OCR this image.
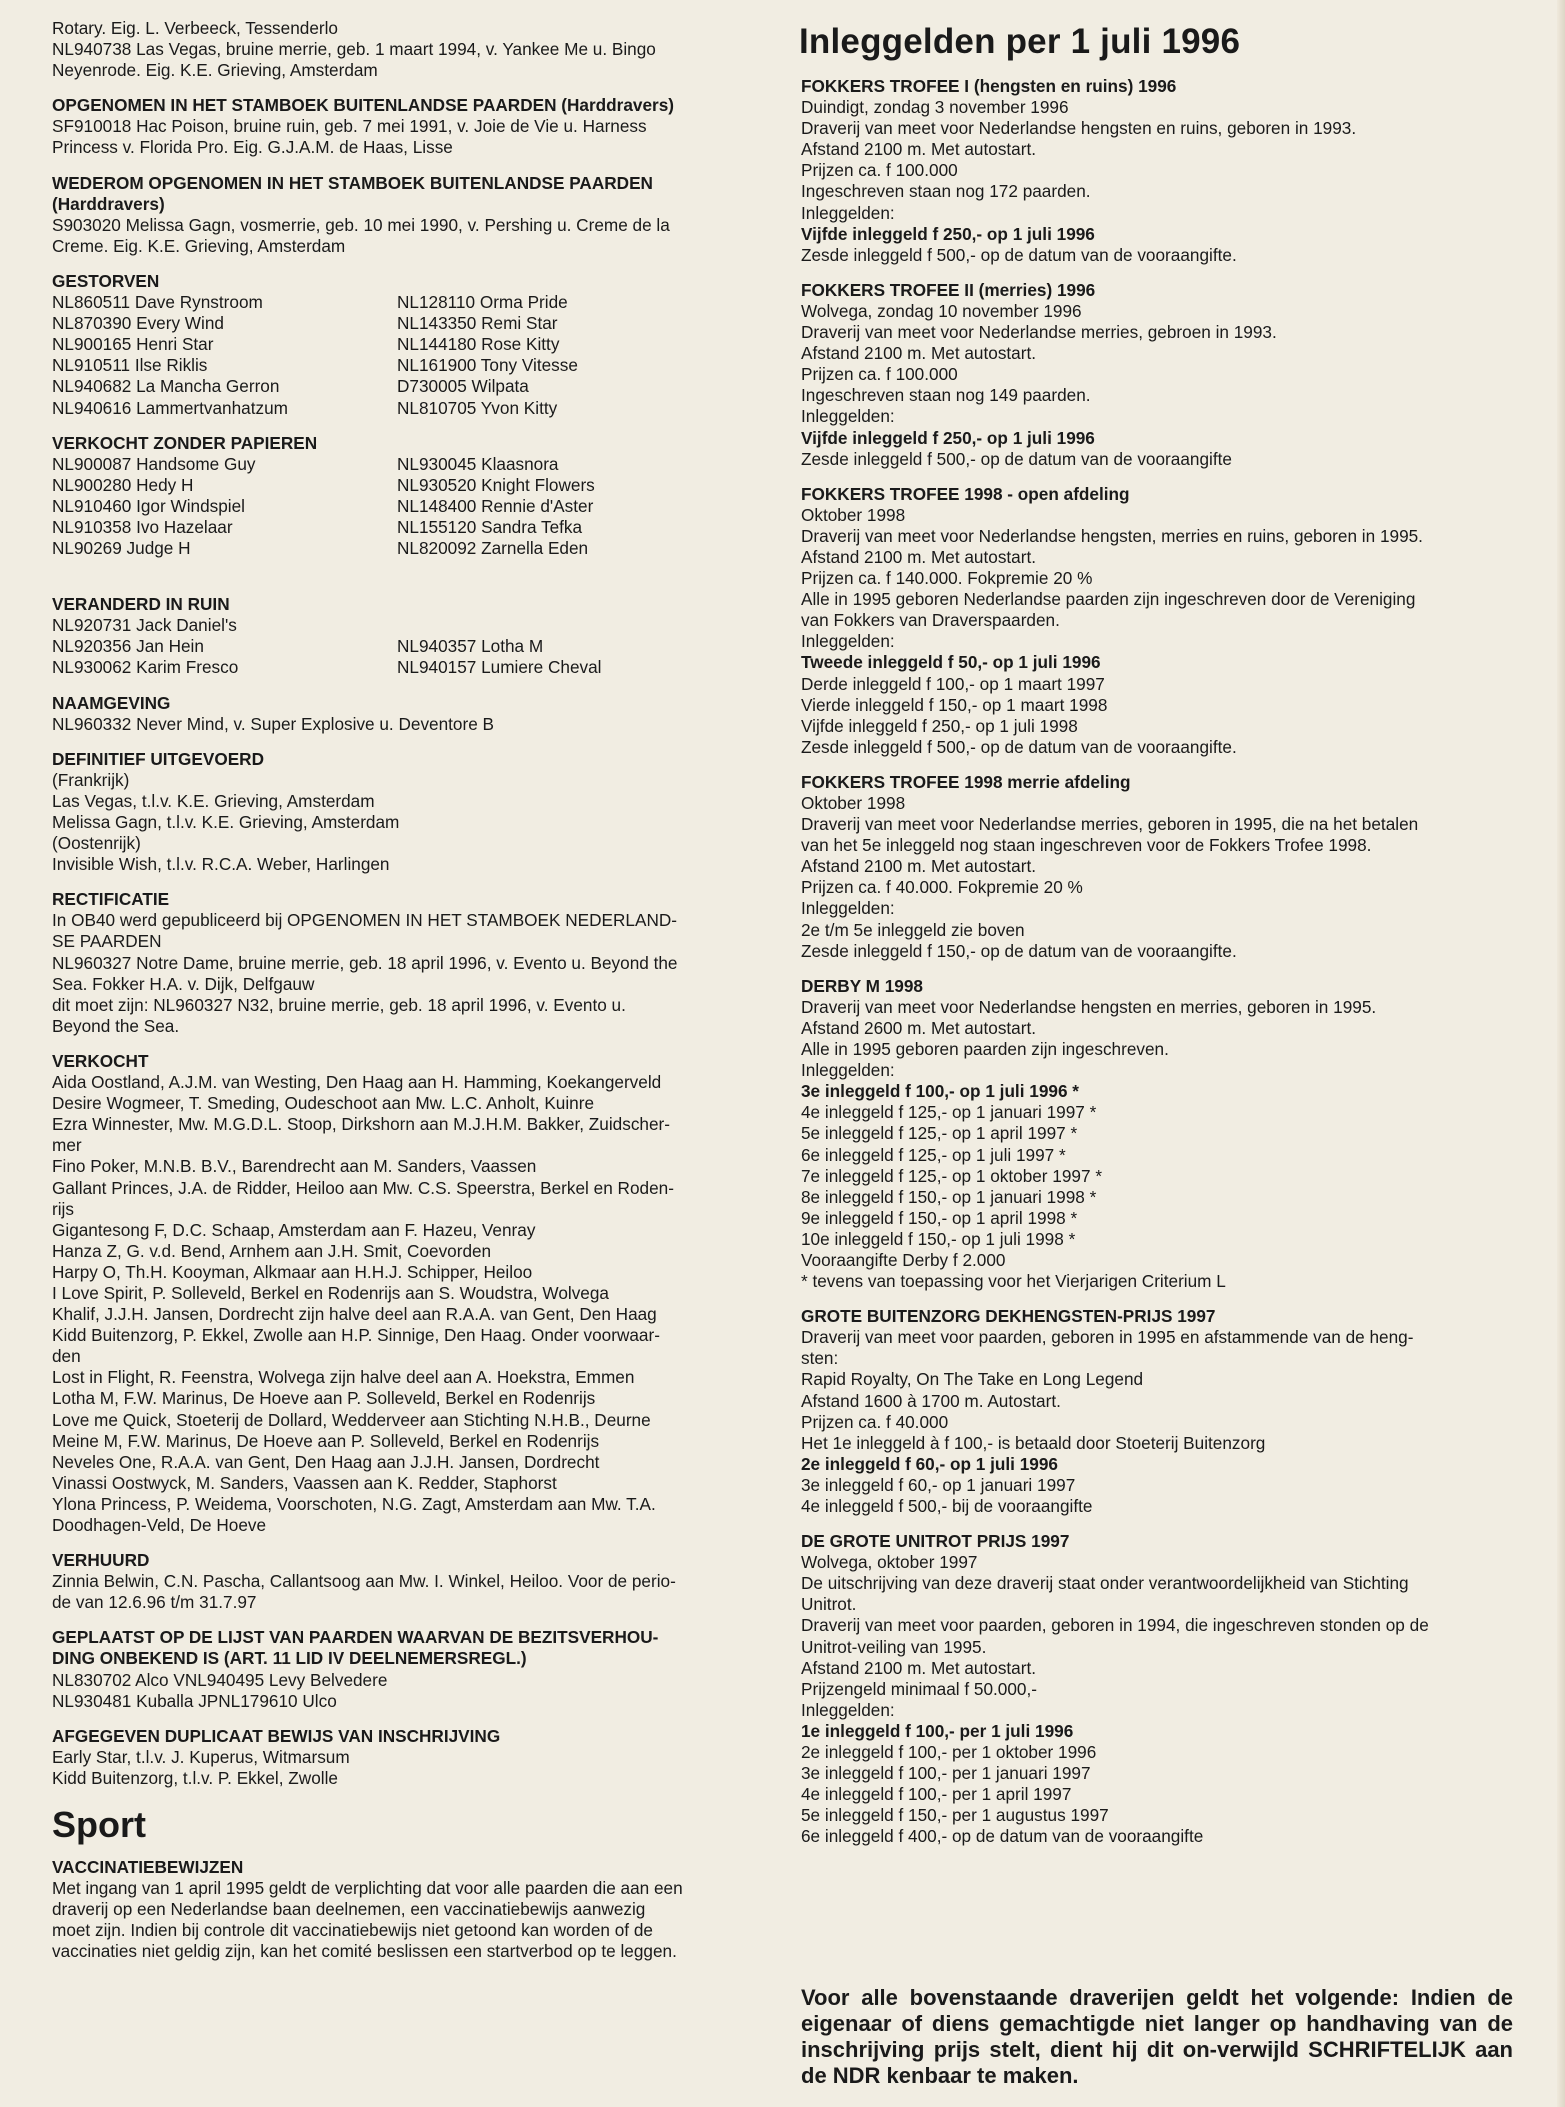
Rotary. Eig. L. Verbeeck, Tessenderlo
NL940738 Las Vegas, bruine merrie, geb. 1 maart 1994, v. Yankee Me u. Bingo
Neyenrode. Eig. K.E. Grieving, Amsterdam
OPGENOMEN IN HET STAMBOEK BUITENLANDSE PAARDEN (Harddravers)
SF910018 Hac Poison, bruine ruin, geb. 7 mei 1991, v. Joie de Vie u. Harness
Princess v. Florida Pro. Eig. G.J.A.M. de Haas, Lisse
WEDEROM OPGENOMEN IN HET STAMBOEK BUITENLANDSE PAARDEN
(Harddravers)
S903020 Melissa Gagn, vosmerrie, geb. 10 mei 1990, v. Pershing u. Creme de la
Creme. Eig. K.E. Grieving, Amsterdam
GESTORVEN
NL860511 Dave Rynstroom
NL870390 Every Wind
NL900165 Henri Star
NL910511 Ilse Riklis
NL940682 La Mancha Gerron
NL940616 Lammertvanhatzum
NL128110 Orma Pride
NL143350 Remi Star
NL144180 Rose Kitty
NL161900 Tony Vitesse
D730005 Wilpata
NL810705 Yvon Kitty
VERKOCHT ZONDER PAPIEREN
NL900087 Handsome Guy
NL900280 Hedy H
NL910460 Igor Windspiel
NL910358 Ivo Hazelaar
NL90269 Judge H
NL930045 Klaasnora
NL930520 Knight Flowers
NL148400 Rennie d'Aster
NL155120 Sandra Tefka
NL820092 Zarnella Eden
VERANDERD IN RUIN
NL920731 Jack Daniel's
NL920356 Jan Hein
NL930062 Karim Fresco
NL940357 Lotha M
NL940157 Lumiere Cheval
NAAMGEVING
NL960332 Never Mind, v. Super Explosive u. Deventore B
DEFINITIEF UITGEVOERD
(Frankrijk)
Las Vegas, t.l.v. K.E. Grieving, Amsterdam
Melissa Gagn, t.l.v. K.E. Grieving, Amsterdam
(Oostenrijk)
Invisible Wish, t.l.v. R.C.A. Weber, Harlingen
RECTIFICATIE
In OB40 werd gepubliceerd bij OPGENOMEN IN HET STAMBOEK NEDERLAND-
SE PAARDEN
NL960327 Notre Dame, bruine merrie, geb. 18 april 1996, v. Evento u. Beyond the
Sea. Fokker H.A. v. Dijk, Delfgauw
dit moet zijn: NL960327 N32, bruine merrie, geb. 18 april 1996, v. Evento u.
Beyond the Sea.
VERKOCHT
Aida Oostland, A.J.M. van Westing, Den Haag aan H. Hamming, Koekangerveld
Desire Wogmeer, T. Smeding, Oudeschoot aan Mw. L.C. Anholt, Kuinre
Ezra Winnester, Mw. M.G.D.L. Stoop, Dirkshorn aan M.J.H.M. Bakker, Zuidscher-
mer
Fino Poker, M.N.B. B.V., Barendrecht aan M. Sanders, Vaassen
Gallant Princes, J.A. de Ridder, Heiloo aan Mw. C.S. Speerstra, Berkel en Roden-
rijs
Gigantesong F, D.C. Schaap, Amsterdam aan F. Hazeu, Venray
Hanza Z, G. v.d. Bend, Arnhem aan J.H. Smit, Coevorden
Harpy O, Th.H. Kooyman, Alkmaar aan H.H.J. Schipper, Heiloo
I Love Spirit, P. Solleveld, Berkel en Rodenrijs aan S. Woudstra, Wolvega
Khalif, J.J.H. Jansen, Dordrecht zijn halve deel aan R.A.A. van Gent, Den Haag
Kidd Buitenzorg, P. Ekkel, Zwolle aan H.P. Sinnige, Den Haag. Onder voorwaar-
den
Lost in Flight, R. Feenstra, Wolvega zijn halve deel aan A. Hoekstra, Emmen
Lotha M, F.W. Marinus, De Hoeve aan P. Solleveld, Berkel en Rodenrijs
Love me Quick, Stoeterij de Dollard, Wedderveer aan Stichting N.H.B., Deurne
Meine M, F.W. Marinus, De Hoeve aan P. Solleveld, Berkel en Rodenrijs
Neveles One, R.A.A. van Gent, Den Haag aan J.J.H. Jansen, Dordrecht
Vinassi Oostwyck, M. Sanders, Vaassen aan K. Redder, Staphorst
Ylona Princess, P. Weidema, Voorschoten, N.G. Zagt, Amsterdam aan Mw. T.A.
Doodhagen-Veld, De Hoeve
VERHUURD
Zinnia Belwin, C.N. Pascha, Callantsoog aan Mw. I. Winkel, Heiloo. Voor de perio-
de van 12.6.96 t/m 31.7.97
GEPLAATST OP DE LIJST VAN PAARDEN WAARVAN DE BEZITSVERHOU-
DING ONBEKEND IS (ART. 11 LID IV DEELNEMERSREGL.)
NL830702 Alco VNL940495 Levy Belvedere
NL930481 Kuballa JPNL179610 Ulco
AFGEGEVEN DUPLICAAT BEWIJS VAN INSCHRIJVING
Early Star, t.l.v. J. Kuperus, Witmarsum
Kidd Buitenzorg, t.l.v. P. Ekkel, Zwolle
Sport
VACCINATIEBEWIJZEN
Met ingang van 1 april 1995 geldt de verplichting dat voor alle paarden die aan een
draverij op een Nederlandse baan deelnemen, een vaccinatiebewijs aanwezig
moet zijn. Indien bij controle dit vaccinatiebewijs niet getoond kan worden of de
vaccinaties niet geldig zijn, kan het comité beslissen een startverbod op te leggen.
Inleggelden per 1 juli 1996
FOKKERS TROFEE I (hengsten en ruins) 1996
Duindigt, zondag 3 november 1996
Draverij van meet voor Nederlandse hengsten en ruins, geboren in 1993.
Afstand 2100 m. Met autostart.
Prijzen ca. f 100.000
Ingeschreven staan nog 172 paarden.
Inleggelden:
Vijfde inleggeld f 250,- op 1 juli 1996
Zesde inleggeld f 500,- op de datum van de vooraangifte.
FOKKERS TROFEE II (merries) 1996
Wolvega, zondag 10 november 1996
Draverij van meet voor Nederlandse merries, gebroen in 1993.
Afstand 2100 m. Met autostart.
Prijzen ca. f 100.000
Ingeschreven staan nog 149 paarden.
Inleggelden:
Vijfde inleggeld f 250,- op 1 juli 1996
Zesde inleggeld f 500,- op de datum van de vooraangifte
FOKKERS TROFEE 1998 - open afdeling
Oktober 1998
Draverij van meet voor Nederlandse hengsten, merries en ruins, geboren in 1995.
Afstand 2100 m. Met autostart.
Prijzen ca. f 140.000. Fokpremie 20 %
Alle in 1995 geboren Nederlandse paarden zijn ingeschreven door de Vereniging
van Fokkers van Draverspaarden.
Inleggelden:
Tweede inleggeld f 50,- op 1 juli 1996
Derde inleggeld f 100,- op 1 maart 1997
Vierde inleggeld f 150,- op 1 maart 1998
Vijfde inleggeld f 250,- op 1 juli 1998
Zesde inleggeld f 500,- op de datum van de vooraangifte.
FOKKERS TROFEE 1998 merrie afdeling
Oktober 1998
Draverij van meet voor Nederlandse merries, geboren in 1995, die na het betalen
van het 5e inleggeld nog staan ingeschreven voor de Fokkers Trofee 1998.
Afstand 2100 m. Met autostart.
Prijzen ca. f 40.000. Fokpremie 20 %
Inleggelden:
2e t/m 5e inleggeld zie boven
Zesde inleggeld f 150,- op de datum van de vooraangifte.
DERBY M 1998
Draverij van meet voor Nederlandse hengsten en merries, geboren in 1995.
Afstand 2600 m. Met autostart.
Alle in 1995 geboren paarden zijn ingeschreven.
Inleggelden:
3e inleggeld f 100,- op 1 juli 1996 *
4e inleggeld f 125,- op 1 januari 1997 *
5e inleggeld f 125,- op 1 april 1997 *
6e inleggeld f 125,- op 1 juli 1997 *
7e inleggeld f 125,- op 1 oktober 1997 *
8e inleggeld f 150,- op 1 januari 1998 *
9e inleggeld f 150,- op 1 april 1998 *
10e inleggeld f 150,- op 1 juli 1998 *
Vooraangifte Derby f 2.000
* tevens van toepassing voor het Vierjarigen Criterium L
GROTE BUITENZORG DEKHENGSTEN-PRIJS 1997
Draverij van meet voor paarden, geboren in 1995 en afstammende van de heng-
sten:
Rapid Royalty, On The Take en Long Legend
Afstand 1600 à 1700 m. Autostart.
Prijzen ca. f 40.000
Het 1e inleggeld à f 100,- is betaald door Stoeterij Buitenzorg
2e inleggeld f 60,- op 1 juli 1996
3e inleggeld f 60,- op 1 januari 1997
4e inleggeld f 500,- bij de vooraangifte
DE GROTE UNITROT PRIJS 1997
Wolvega, oktober 1997
De uitschrijving van deze draverij staat onder verantwoordelijkheid van Stichting
Unitrot.
Draverij van meet voor paarden, geboren in 1994, die ingeschreven stonden op de
Unitrot-veiling van 1995.
Afstand 2100 m. Met autostart.
Prijzengeld minimaal f 50.000,-
Inleggelden:
1e inleggeld f 100,- per 1 juli 1996
2e inleggeld f 100,- per 1 oktober 1996
3e inleggeld f 100,- per 1 januari 1997
4e inleggeld f 100,- per 1 april 1997
5e inleggeld f 150,- per 1 augustus 1997
6e inleggeld f 400,- op de datum van de vooraangifte
Voor alle bovenstaande draverijen geldt het volgende: Indien de eigenaar of diens gemachtigde niet langer op handhaving van de inschrijving prijs stelt, dient hij dit on-verwijld SCHRIFTELIJK aan de NDR kenbaar te maken.
